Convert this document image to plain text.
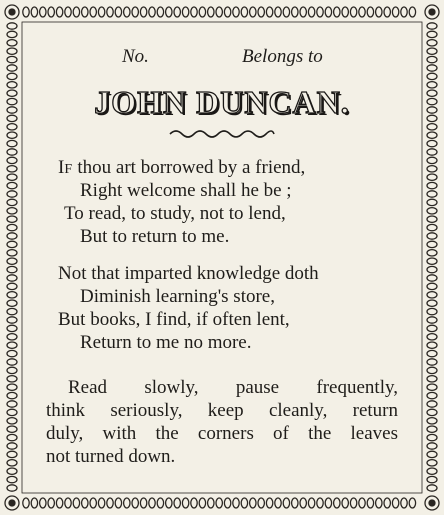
No.	Belongs to
JOHN DUNCAN.
IF thou art borrowed by a friend,
Right welcome shall he be ;
To read, to study, not to lend,
But to return to me.
Not that imparted knowledge doth
Diminish learning's store,
But books, I find, if often lent,
Return to me no more.
Read slowly, pause frequently,
think seriously, keep cleanly, return
duly, with the corners of the leaves
not turned down.
